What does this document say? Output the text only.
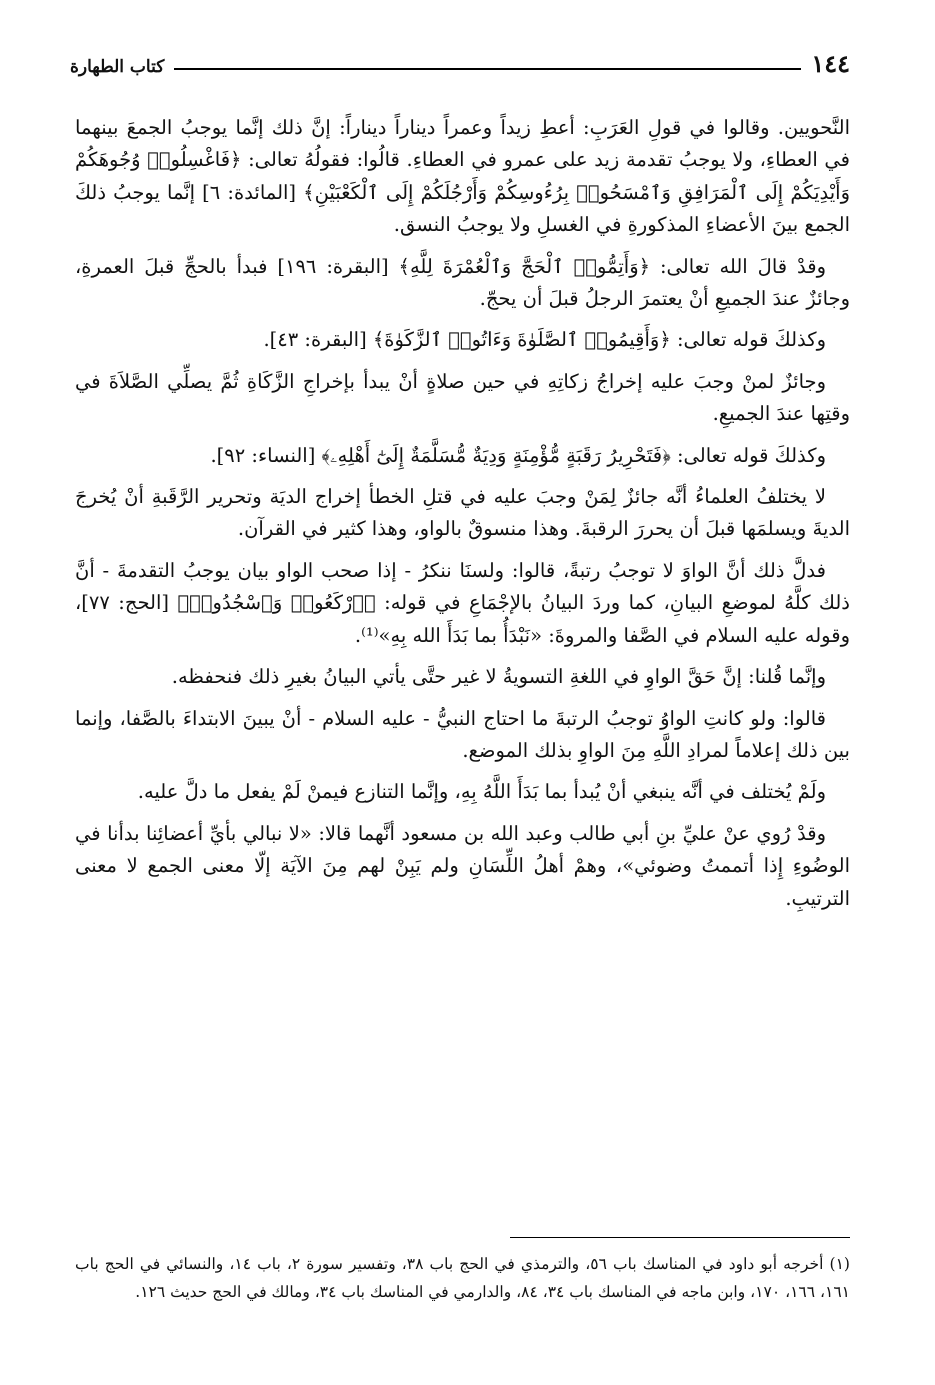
١٤٤
كتاب الطهارة

النَّحويين. وقالوا في قولِ العَرَبِ: أعطِ زيداً وعمراً ديناراً ديناراً: إنَّ ذلك إنَّما يوجبُ الجمعَ بينهما في العطاءِ، ولا يوجبُ تقدمة زيد على عمرو في العطاءِ. قالُوا: فقولُهُ تعالى: ﴿فَاغْسِلُوا۟ وُجُوهَكُمْ وَأَيْدِيَكُمْ إِلَى ٱلْمَرَافِقِ وَٱمْسَحُوا۟ بِرُءُوسِكُمْ وَأَرْجُلَكُمْ إِلَى ٱلْكَعْبَيْنِ﴾ [المائدة: ٦] إنَّما يوجبُ ذلكَ الجمع بينَ الأعضاءِ المذكورةِ في الغسلِ ولا يوجبُ النسق.

وقدْ قالَ الله تعالى: ﴿وَأَتِمُّوا۟ ٱلْحَجَّ وَٱلْعُمْرَةَ لِلَّهِ﴾ [البقرة: ١٩٦] فبدأ بالحجِّ قبلَ العمرةِ، وجائزٌ عندَ الجميعِ أنْ يعتمرَ الرجلُ قبلَ أن يحجّ.

وكذلكَ قوله تعالى: ﴿وَأَقِيمُوا۟ ٱلصَّلَوٰةَ وَءَاتُوا۟ ٱلزَّكَوٰةَ﴾ [البقرة: ٤٣].

وجائزٌ لمنْ وجبَ عليه إخراجُ زكاتِهِ في حين صلاةٍ أنْ يبدأ بإخراجِ الزَّكَاةِ ثُمَّ يصلِّي الصَّلاَةَ في وقتِها عندَ الجميعِ.

وكذلكَ قوله تعالى: ﴿فَتَحْرِيرُ رَقَبَةٍ مُّؤْمِنَةٍ وَدِيَةٌ مُّسَلَّمَةٌ إِلَىٰٓ أَهْلِهِۦ﴾ [النساء: ٩٢].

لا يختلفُ العلماءُ أنَّه جائزٌ لِمَنْ وجبَ عليه في قتلِ الخطأ إخراج الديَة وتحرير الرَّقَبةِ أنْ يُخرجَ الديةَ ويسلمَها قبلَ أن يحررَ الرقبةَ. وهذا منسوقٌ بالواو، وهذا كثير في القرآن.

فدلَّ ذلك أنَّ الواوَ لا توجبُ رتبةً، قالوا: ولسنَا ننكرُ - إذا صحب الواو بيان يوجبُ التقدمةَ - أنَّ ذلك كلَّهُ لموضعِ البيانِ، كما وردَ البيانُ بالإجْمَاعِ في قوله: ﴿ٱرْكَعُوا۟ وَٱسْجُدُوا۟﴾ [الحج: ٧٧]، وقوله عليه السلام في الصَّفا والمروةَ: «نَبْدَأُ بما بَدَأَ الله بِهِ»⁽¹⁾.

وإنَّما قُلنا: إنَّ حَقَّ الواوِ في اللغةِ التسويةُ لا غير حتَّى يأتي البيانُ بغيرِ ذلك فنحفظه.

قالوا: ولو كانتِ الواوُ توجبُ الرتبةَ ما احتاج النبيُّ - عليه السلام - أنْ يبينَ الابتداءَ بالصَّفا، وإنما بين ذلك إعلاماً لمرادِ اللَّهِ مِنَ الواوِ بذلك الموضع.

ولَمْ يُختلف في أنَّه ينبغي أنْ يُبدأ بما بَدَأَ اللَّهُ بِهِ، وإنَّما التنازع فيمنْ لَمْ يفعل ما دلَّ عليه.

وقدْ رُوي عنْ عليِّ بنِ أبي طالب وعبد الله بن مسعود أنَّهما قالا: «لا نبالي بأيِّ أعضائِنا بدأنا في الوضُوءِ إِذا أتممتُ وضوئي»، وهمْ أهلُ اللِّسَانِ ولم يَبِنْ لهم مِنَ الآيَة إلّا معنى الجمع لا معنى الترتيبِ.

(١) أخرجه أبو داود في المناسك باب ٥٦، والترمذي في الحج باب ٣٨، وتفسير سورة ٢، باب ١٤، والنسائي في الحج باب ١٦١، ١٦٦، ١٧٠، وابن ماجه في المناسك باب ٣٤، ٨٤، والدارمي في المناسك باب ٣٤، ومالك في الحج حديث ١٢٦.
